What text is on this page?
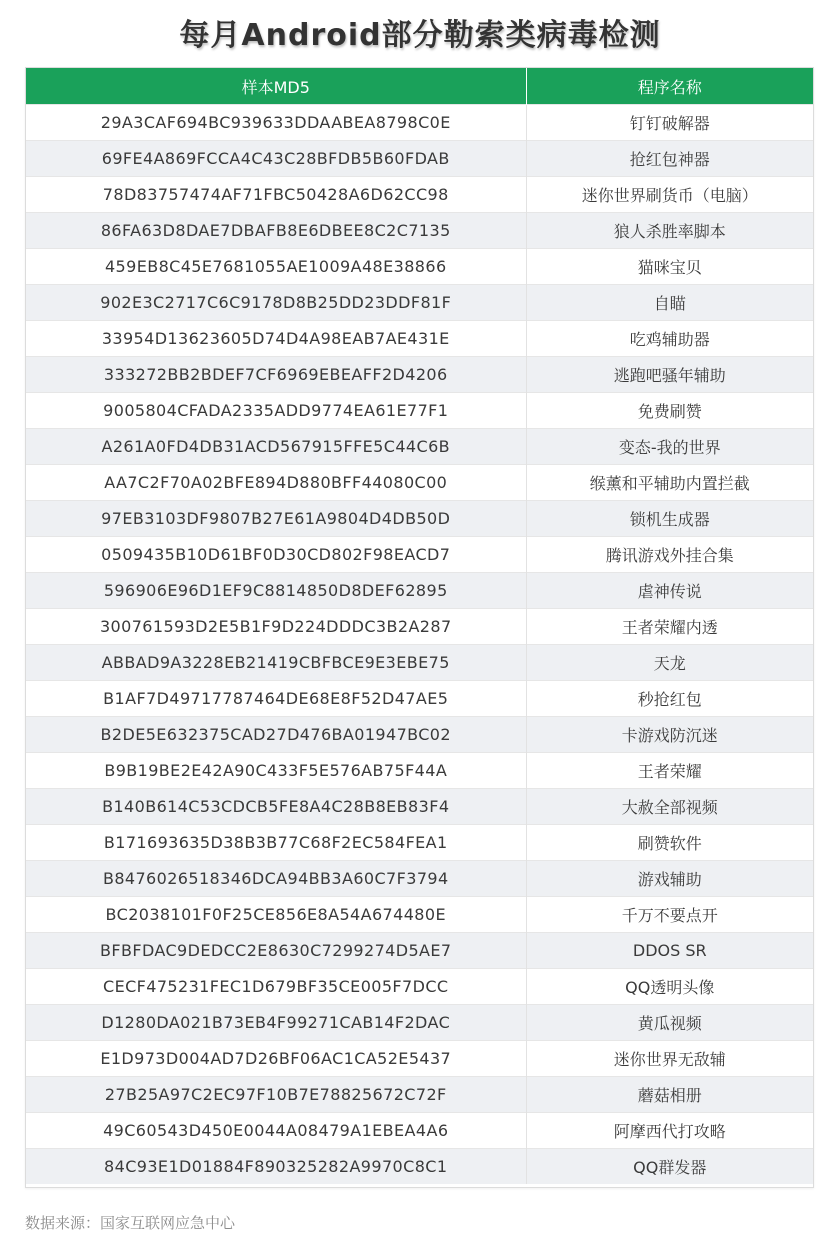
每月Android部分勒索类病毒检测
样本MD5	程序名称
29A3CAF694BC939633DDAABEA8798C0E	钉钉破解器
69FE4A869FCCA4C43C28BFDB5B60FDAB	抢红包神器
78D83757474AF71FBC50428A6D62CC98	迷你世界刷货币（电脑）
86FA63D8DAE7DBAFB8E6DBEE8C2C7135	狼人杀胜率脚本
459EB8C45E7681055AE1009A48E38866	猫咪宝贝
902E3C2717C6C9178D8B25DD23DDF81F	自瞄
33954D13623605D74D4A98EAB7AE431E	吃鸡辅助器
333272BB2BDEF7CF6969EBEAFF2D4206	逃跑吧骚年辅助
9005804CFADA2335ADD9774EA61E77F1	免费刷赞
A261A0FD4DB31ACD567915FFE5C44C6B	变态-我的世界
AA7C2F70A02BFE894D880BFF44080C00	缑薰和平辅助内置拦截
97EB3103DF9807B27E61A9804D4DB50D	锁机生成器
0509435B10D61BF0D30CD802F98EACD7	腾讯游戏外挂合集
596906E96D1EF9C8814850D8DEF62895	虐神传说
300761593D2E5B1F9D224DDDC3B2A287	王者荣耀内透
ABBAD9A3228EB21419CBFBCE9E3EBE75	天龙
B1AF7D49717787464DE68E8F52D47AE5	秒抢红包
B2DE5E632375CAD27D476BA01947BC02	卡游戏防沉迷
B9B19BE2E42A90C433F5E576AB75F44A	王者荣耀
B140B614C53CDCB5FE8A4C28B8EB83F4	大赦全部视频
B171693635D38B3B77C68F2EC584FEA1	刷赞软件
B8476026518346DCA94BB3A60C7F3794	游戏辅助
BC2038101F0F25CE856E8A54A674480E	千万不要点开
BFBFDAC9DEDCC2E8630C7299274D5AE7	DDOS SR
CECF475231FEC1D679BF35CE005F7DCC	QQ透明头像
D1280DA021B73EB4F99271CAB14F2DAC	黄瓜视频
E1D973D004AD7D26BF06AC1CA52E5437	迷你世界无敌辅
27B25A97C2EC97F10B7E78825672C72F	蘑菇相册
49C60543D450E0044A08479A1EBEA4A6	阿摩西代打攻略
84C93E1D01884F890325282A9970C8C1	QQ群发器
数据来源：国家互联网应急中心
